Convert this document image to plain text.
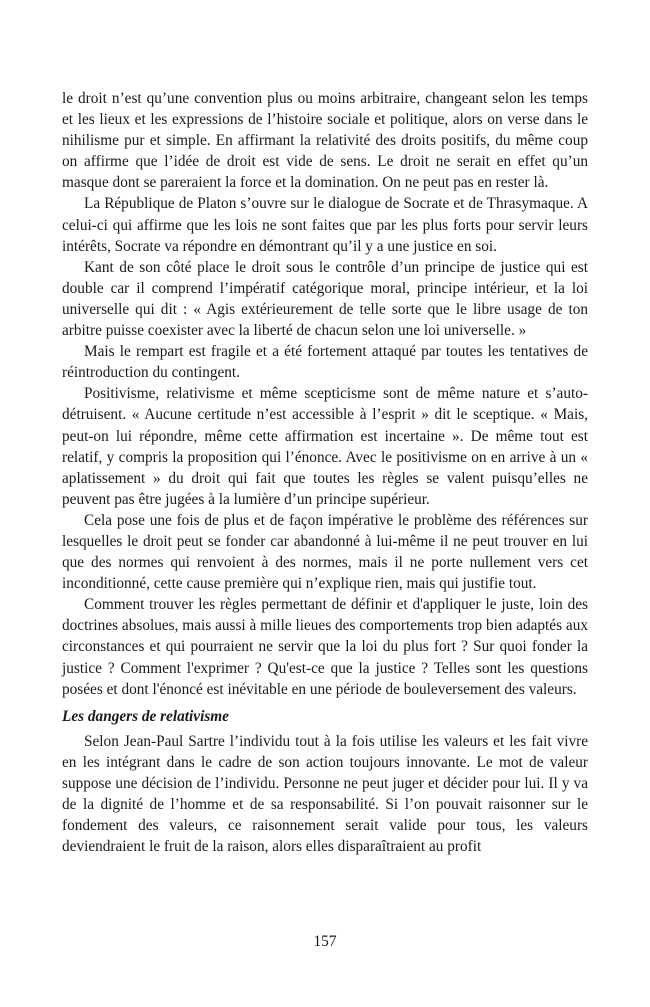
le droit n’est qu’une convention plus ou moins arbitraire, changeant selon les temps et les lieux et les expressions de l’histoire sociale et politique, alors on verse dans le nihilisme pur et simple. En affirmant la relativité des droits positifs, du même coup on affirme que l’idée de droit est vide de sens. Le droit ne serait en effet qu’un masque dont se pareraient la force et la domination. On ne peut pas en rester là.

La République de Platon s’ouvre sur le dialogue de Socrate et de Thrasymaque. A celui-ci qui affirme que les lois ne sont faites que par les plus forts pour servir leurs intérêts, Socrate va répondre en démontrant qu’il y a une justice en soi.

Kant de son côté place le droit sous le contrôle d’un principe de justice qui est double car il comprend l’impératif catégorique moral, principe intérieur, et la loi universelle qui dit : « Agis extérieurement de telle sorte que le libre usage de ton arbitre puisse coexister avec la liberté de chacun selon une loi universelle. »

Mais le rempart est fragile et a été fortement attaqué par toutes les tentatives de réintroduction du contingent.

Positivisme, relativisme et même scepticisme sont de même nature et s’autodétruisent. « Aucune certitude n’est accessible à l’esprit » dit le sceptique. « Mais, peut-on lui répondre, même cette affirmation est incertaine ». De même tout est relatif, y compris la proposition qui l’énonce. Avec le positivisme on en arrive à un « aplatissement » du droit qui fait que toutes les règles se valent puisqu’elles ne peuvent pas être jugées à la lumière d’un principe supérieur.

Cela pose une fois de plus et de façon impérative le problème des références sur lesquelles le droit peut se fonder car abandonné à lui-même il ne peut trouver en lui que des normes qui renvoient à des normes, mais il ne porte nullement vers cet inconditionné, cette cause première qui n’explique rien, mais qui justifie tout.

Comment trouver les règles permettant de définir et d'appliquer le juste, loin des doctrines absolues, mais aussi à mille lieues des comportements trop bien adaptés aux circonstances et qui pourraient ne servir que la loi du plus fort ? Sur quoi fonder la justice ? Comment l'exprimer ? Qu'est-ce que la justice ? Telles sont les questions posées et dont l'énoncé est inévitable en une période de bouleversement des valeurs.

Les dangers de relativisme

Selon Jean-Paul Sartre l’individu tout à la fois utilise les valeurs et les fait vivre en les intégrant dans le cadre de son action toujours innovante. Le mot de valeur suppose une décision de l’individu. Personne ne peut juger et décider pour lui. Il y va de la dignité de l’homme et de sa responsabilité. Si l’on pouvait raisonner sur le fondement des valeurs, ce raisonnement serait valide pour tous, les valeurs deviendraient le fruit de la raison, alors elles disparaîtraient au profit

157
